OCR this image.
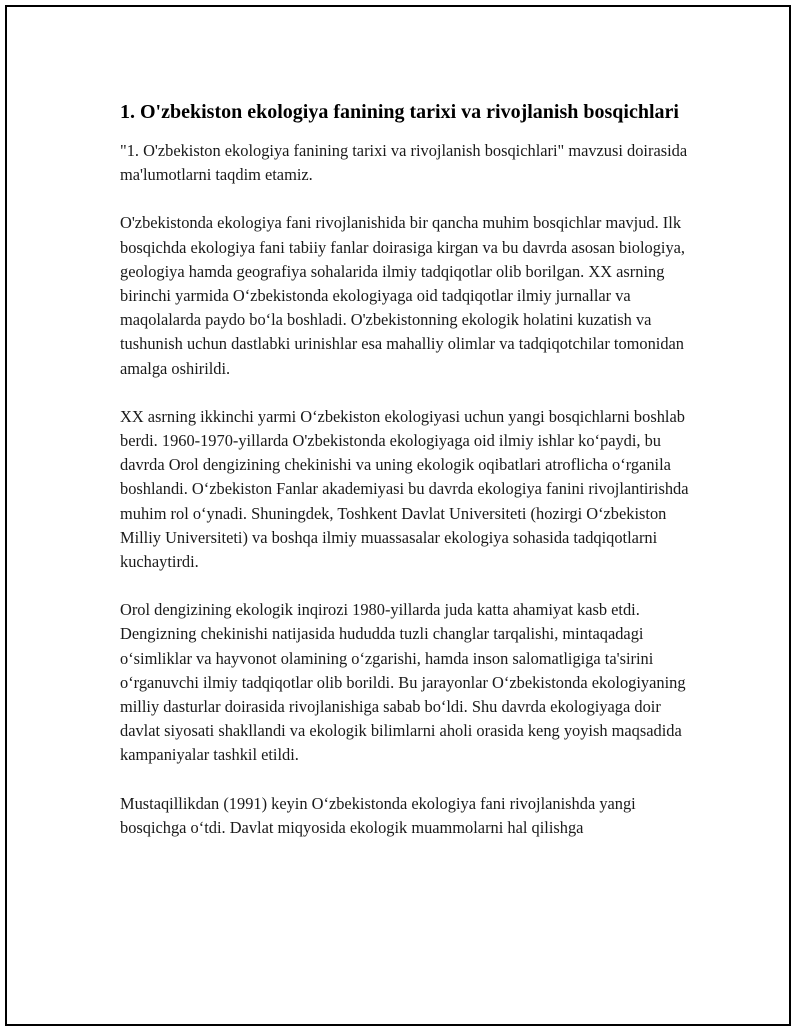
1. O'zbekiston ekologiya fanining tarixi va rivojlanish bosqichlari

"1. O'zbekiston ekologiya fanining tarixi va rivojlanish bosqichlari" mavzusi doirasida ma'lumotlarni taqdim etamiz.

O'zbekistonda ekologiya fani rivojlanishida bir qancha muhim bosqichlar mavjud. Ilk bosqichda ekologiya fani tabiiy fanlar doirasiga kirgan va bu davrda asosan biologiya, geologiya hamda geografiya sohalarida ilmiy tadqiqotlar olib borilgan. XX asrning birinchi yarmida O‘zbekistonda ekologiyaga oid tadqiqotlar ilmiy jurnallar va maqolalarda paydo bo‘la boshladi. O'zbekistonning ekologik holatini kuzatish va tushunish uchun dastlabki urinishlar esa mahalliy olimlar va tadqiqotchilar tomonidan amalga oshirildi.

XX asrning ikkinchi yarmi O‘zbekiston ekologiyasi uchun yangi bosqichlarni boshlab berdi. 1960-1970-yillarda O'zbekistonda ekologiyaga oid ilmiy ishlar ko‘paydi, bu davrda Orol dengizining chekinishi va uning ekologik oqibatlari atroflicha o‘rganila boshlandi. O‘zbekiston Fanlar akademiyasi bu davrda ekologiya fanini rivojlantirishda muhim rol o‘ynadi. Shuningdek, Toshkent Davlat Universiteti (hozirgi O‘zbekiston Milliy Universiteti) va boshqa ilmiy muassasalar ekologiya sohasida tadqiqotlarni kuchaytirdi.

Orol dengizining ekologik inqirozi 1980-yillarda juda katta ahamiyat kasb etdi. Dengizning chekinishi natijasida hududda tuzli changlar tarqalishi, mintaqadagi o‘simliklar va hayvonot olamining o‘zgarishi, hamda inson salomatligiga ta'sirini o‘rganuvchi ilmiy tadqiqotlar olib borildi. Bu jarayonlar O‘zbekistonda ekologiyaning milliy dasturlar doirasida rivojlanishiga sabab bo‘ldi. Shu davrda ekologiyaga doir davlat siyosati shakllandi va ekologik bilimlarni aholi orasida keng yoyish maqsadida kampaniyalar tashkil etildi.

Mustaqillikdan (1991) keyin O‘zbekistonda ekologiya fani rivojlanishda yangi bosqichga o‘tdi. Davlat miqyosida ekologik muammolarni hal qilishga
